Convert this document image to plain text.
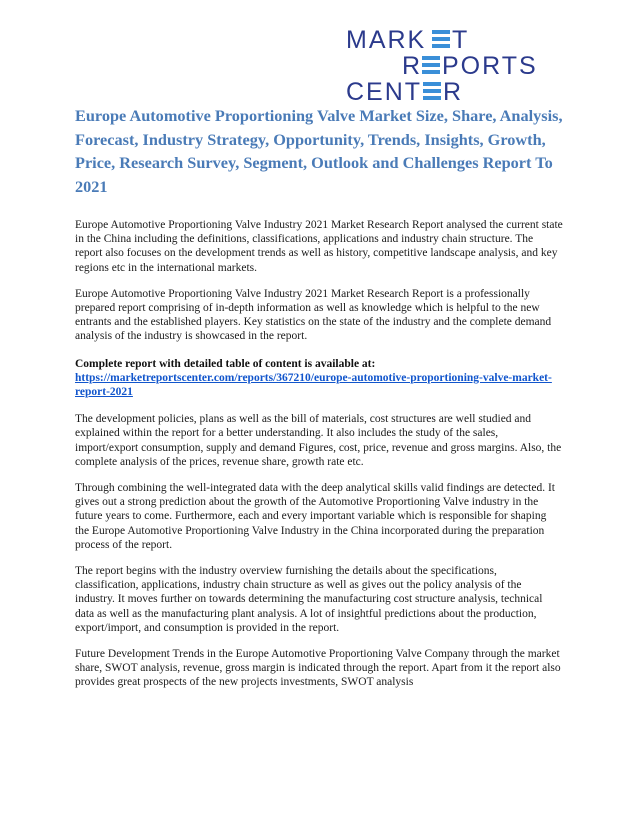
MARK T
R PORTS
CENT R
Europe Automotive Proportioning Valve Market Size, Share, Analysis, Forecast, Industry Strategy, Opportunity, Trends, Insights, Growth, Price, Research Survey, Segment, Outlook and Challenges Report To 2021

Europe Automotive Proportioning Valve Industry 2021 Market Research Report analysed the current state in the China including the definitions, classifications, applications and industry chain structure. The report also focuses on the development trends as well as history, competitive landscape analysis, and key regions etc in the international markets.

Europe Automotive Proportioning Valve Industry 2021 Market Research Report is a professionally prepared report comprising of in-depth information as well as knowledge which is helpful to the new entrants and the established players. Key statistics on the state of the industry and the complete demand analysis of the industry is showcased in the report.

Complete report with detailed table of content is available at:
https://marketreportscenter.com/reports/367210/europe-automotive-proportioning-valve-market-report-2021

The development policies, plans as well as the bill of materials, cost structures are well studied and explained within the report for a better understanding. It also includes the study of the sales, import/export consumption, supply and demand Figures, cost, price, revenue and gross margins. Also, the complete analysis of the prices, revenue share, growth rate etc.

Through combining the well-integrated data with the deep analytical skills valid findings are detected. It gives out a strong prediction about the growth of the Automotive Proportioning Valve industry in the future years to come. Furthermore, each and every important variable which is responsible for shaping the Europe Automotive Proportioning Valve Industry in the China incorporated during the preparation process of the report.

The report begins with the industry overview furnishing the details about the specifications, classification, applications, industry chain structure as well as gives out the policy analysis of the industry. It moves further on towards determining the manufacturing cost structure analysis, technical data as well as the manufacturing plant analysis. A lot of insightful predictions about the production, export/import, and consumption is provided in the report.

Future Development Trends in the Europe Automotive Proportioning Valve Company through the market share, SWOT analysis, revenue, gross margin is indicated through the report. Apart from it the report also provides great prospects of the new projects investments, SWOT analysis
